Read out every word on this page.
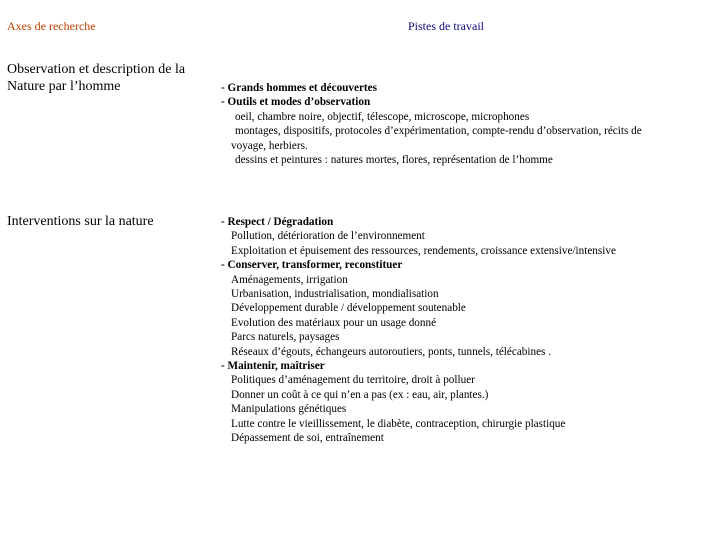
Axes de recherche	Pistes de travail
Observation et description de la Nature par l’homme	- Grands hommes et découvertes
- Outils et modes d’observation
oeil, chambre noire, objectif, télescope, microscope, microphones
montages, dispositifs, protocoles d’expérimentation, compte-rendu d’observation, récits de
voyage, herbiers.
dessins et peintures : natures mortes, flores, représentation de l’homme
Interventions sur la nature	- Respect / Dégradation
Pollution, détérioration de l’environnement
Exploitation et épuisement des ressources, rendements, croissance extensive/intensive
- Conserver, transformer, reconstituer
Aménagements, irrigation
Urbanisation, industrialisation, mondialisation
Développement durable / développement soutenable
Evolution des matériaux pour un usage donné
Parcs naturels, paysages
Réseaux d’égouts, échangeurs autoroutiers, ponts, tunnels, télécabines .
- Maintenir, maîtriser
Politiques d’aménagement du territoire, droit à polluer
Donner un coût à ce qui n’en a pas (ex : eau, air, plantes.)
Manipulations génétiques
Lutte contre le vieillissement, le diabète, contraception, chirurgie plastique
Dépassement de soi, entraînement
